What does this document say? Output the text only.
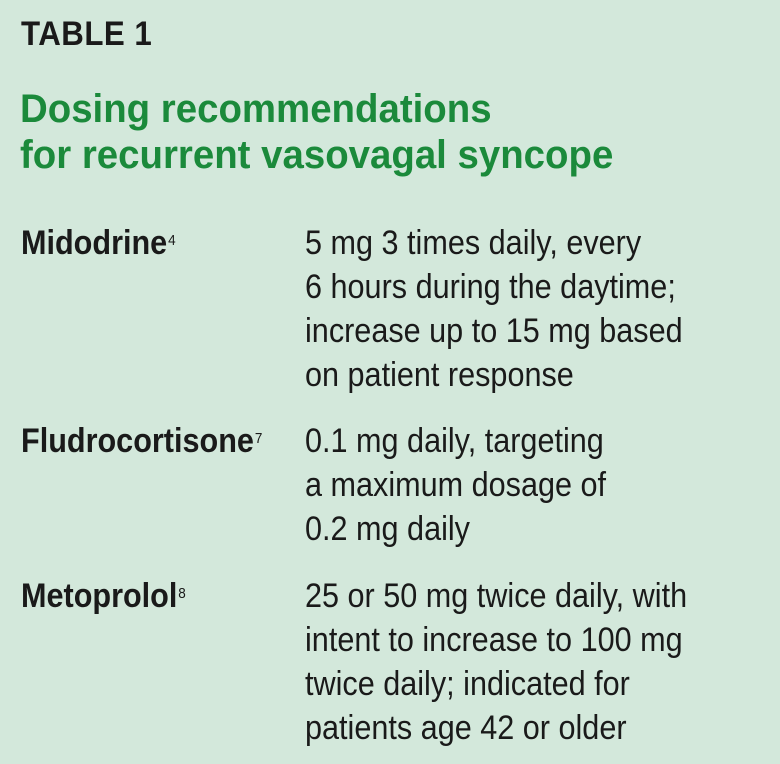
TABLE 1
Dosing recommendations
for recurrent vasovagal syncope
Midodrine$^4$	5 mg 3 times daily, every
6 hours during the daytime;
increase up to 15 mg based
on patient response
Fludrocortisone$^7$ 0.1 mg daily, targeting
a maximum dosage of
0.2 mg daily
Metoprolol$^8$	25 or 50 mg twice daily, with
intent to increase to 100 mg
twice daily; indicated for
patients age 42 or older
